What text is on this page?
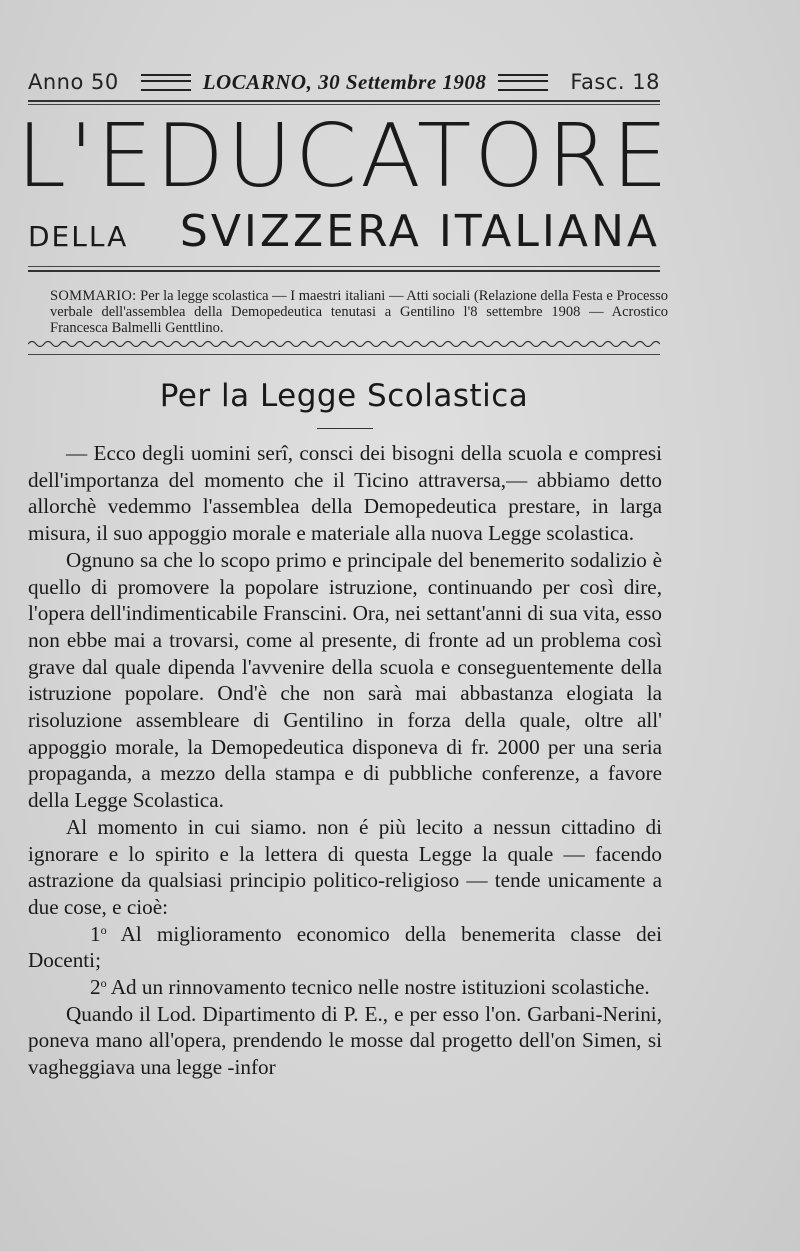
Anno 50	LOCARNO, 30 Settembre 1908	Fasc. 18
L'EDUCATORE
DELLA SVIZZERA ITALIANA
SOMMARIO: Per la legge scolastica — I maestri italiani — Atti sociali (Relazione della Festa e Processo verbale dell'assemblea della Demopedeutica tenutasi a Gentilino l'8 settembre 1908 — Acrostico Francesca Balmelli Genttlino.
Per la Legge Scolastica

— Ecco degli uomini serî, consci dei bisogni della scuola e compresi dell'importanza del momento che il Ticino attraversa,— abbiamo detto allorchè vedemmo l'assemblea della Demopedeutica prestare, in larga misura, il suo appoggio morale e materiale alla nuova Legge scolastica.

Ognuno sa che lo scopo primo e principale del benemerito sodalizio è quello di promovere la popolare istruzione, continuando per così dire, l'opera dell'indimenticabile Franscini. Ora, nei settant'anni di sua vita, esso non ebbe mai a trovarsi, come al presente, di fronte ad un problema così grave dal quale dipenda l'avvenire della scuola e conseguentemente della istruzione popolare. Ond'è che non sarà mai abbastanza elogiata la risoluzione assembleare di Gentilino in forza della quale, oltre all' appoggio morale, la Demopedeutica disponeva di fr. 2000 per una seria propaganda, a mezzo della stampa e di pubbliche conferenze, a favore della Legge Scolastica.

Al momento in cui siamo. non é più lecito a nessun cittadino di ignorare e lo spirito e la lettera di questa Legge la quale — facendo astrazione da qualsiasi principio politico-religioso — tende unicamente a due cose, e cioè:

1$^o$ Al miglioramento economico della benemerita classe dei Docenti;

2$^o$ Ad un rinnovamento tecnico nelle nostre istituzioni scolastiche.

Quando il Lod. Dipartimento di P. E., e per esso l'on. Garbani-Nerini, poneva mano all'opera, prendendo le mosse dal progetto dell'on Simen, si vagheggiava una legge -infor
